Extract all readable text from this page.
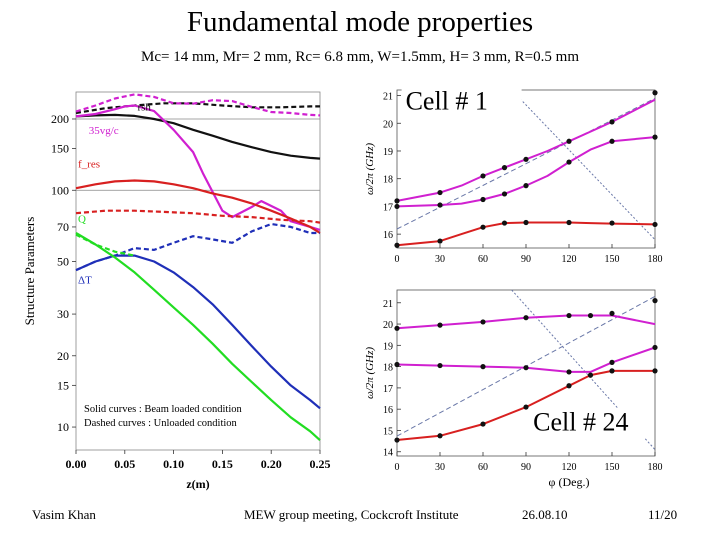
Fundamental mode properties
Mc= 14 mm, Mr= 2 mm, Rc= 6.8 mm, W=1.5mm, H= 3 mm, R=0.5 mm
200
150
100
70
50
30
20
15
10
0.00 0.05 0.10 0.15 0.20 0.25
z(m)
Structure Parameters
rsh
35vg/c
f_res
Q
ΔT
Solid curves : Beam loaded condition
Dashed curves : Unloaded condition
16
17
18
19
20
21
0	30	60	90	120	150	180
ω/2π (GHz)
Cell # 1
14
15
16
17
18
19
20
21
0	30	60	90	120	150	180
ω/2π (GHz)
φ (Deg.)
Cell # 24
Vasim Khan	MEW group meeting, Cockcroft Institute	26.08.10	11/20
